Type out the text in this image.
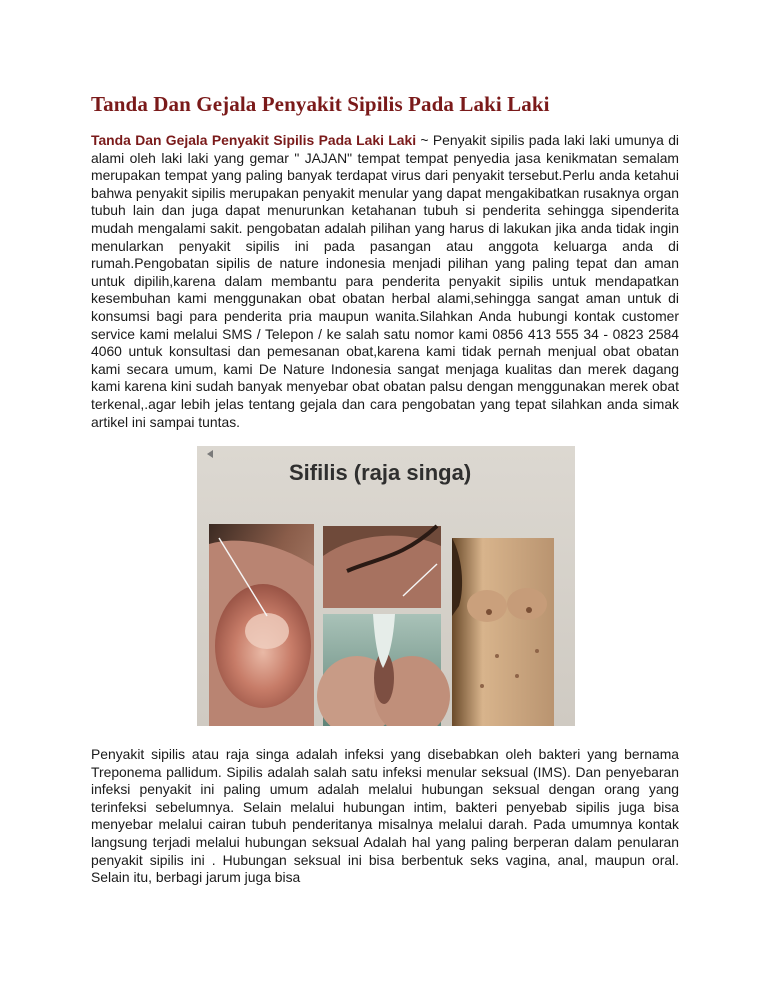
Tanda Dan Gejala Penyakit Sipilis Pada Laki Laki

Tanda Dan Gejala Penyakit Sipilis Pada Laki Laki ~ Penyakit sipilis pada laki laki umunya di alami oleh laki laki yang gemar " JAJAN" tempat tempat penyedia jasa kenikmatan semalam merupakan tempat yang paling banyak terdapat virus dari penyakit tersebut.Perlu anda ketahui bahwa penyakit sipilis merupakan penyakit menular yang dapat mengakibatkan rusaknya organ tubuh lain dan juga dapat menurunkan ketahanan tubuh si penderita sehingga sipenderita mudah mengalami sakit. pengobatan adalah pilihan yang harus di lakukan jika anda tidak ingin menularkan penyakit sipilis ini pada pasangan atau anggota keluarga anda di rumah.Pengobatan sipilis de nature indonesia menjadi pilihan yang paling tepat dan aman untuk dipilih,karena dalam membantu para penderita penyakit sipilis untuk mendapatkan kesembuhan kami menggunakan obat obatan herbal alami,sehingga sangat aman untuk di konsumsi bagi para penderita pria maupun wanita.Silahkan Anda hubungi kontak customer service kami melalui SMS / Telepon / ke salah satu nomor kami 0856 413 555 34 - 0823 2584 4060 untuk konsultasi dan pemesanan obat,karena kami tidak pernah menjual obat obatan kami secara umum, kami De Nature Indonesia sangat menjaga kualitas dan merek dagang kami karena kini sudah banyak menyebar obat obatan palsu dengan menggunakan merek obat terkenal,.agar lebih jelas tentang gejala dan cara pengobatan yang tepat silahkan anda simak artikel ini sampai tuntas.

Sifilis (raja singa)

Penyakit sipilis atau raja singa adalah infeksi yang disebabkan oleh bakteri yang bernama Treponema pallidum. Sipilis adalah salah satu infeksi menular seksual (IMS). Dan penyebaran infeksi penyakit ini paling umum adalah melalui hubungan seksual dengan orang yang terinfeksi sebelumnya. Selain melalui hubungan intim, bakteri penyebab sipilis juga bisa menyebar melalui cairan tubuh penderitanya misalnya melalui darah. Pada umumnya kontak langsung terjadi melalui hubungan seksual Adalah hal yang paling berperan dalam penularan penyakit sipilis ini . Hubungan seksual ini bisa berbentuk seks vagina, anal, maupun oral. Selain itu, berbagi jarum juga bisa
